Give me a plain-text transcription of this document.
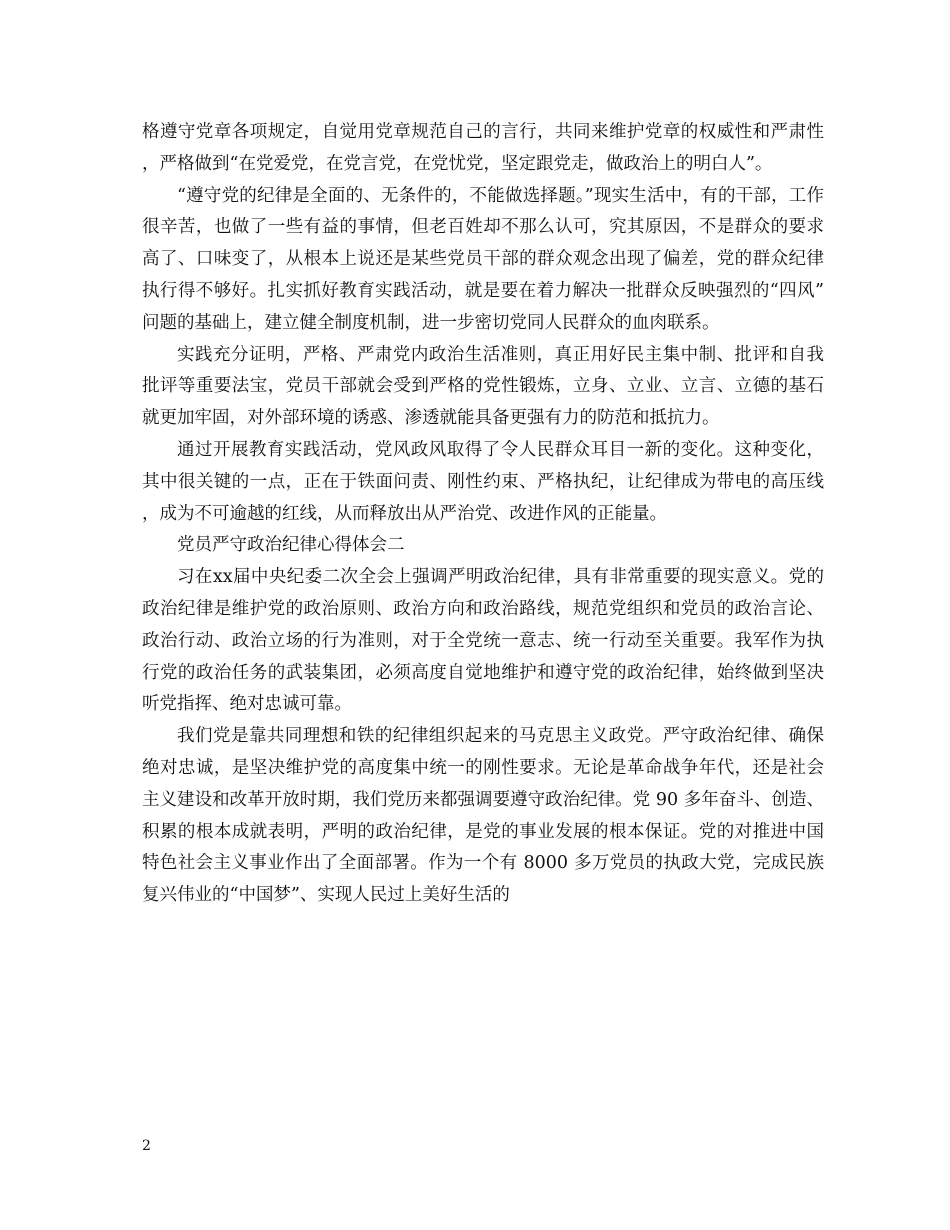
格遵守党章各项规定，自觉用党章规范自己的言行，共同来维护党章的权威性和严肃性，严格做到“在党爱党，在党言党，在党忧党，坚定跟党走，做政治上的明白人”。

“遵守党的纪律是全面的、无条件的，不能做选择题。”现实生活中，有的干部，工作很辛苦，也做了一些有益的事情，但老百姓却不那么认可，究其原因，不是群众的要求高了、口味变了，从根本上说还是某些党员干部的群众观念出现了偏差，党的群众纪律执行得不够好。扎实抓好教育实践活动，就是要在着力解决一批群众反映强烈的“四风”问题的基础上，建立健全制度机制，进一步密切党同人民群众的血肉联系。

实践充分证明，严格、严肃党内政治生活准则，真正用好民主集中制、批评和自我批评等重要法宝，党员干部就会受到严格的党性锻炼，立身、立业、立言、立德的基石就更加牢固，对外部环境的诱惑、渗透就能具备更强有力的防范和抵抗力。

通过开展教育实践活动，党风政风取得了令人民群众耳目一新的变化。这种变化，其中很关键的一点，正在于铁面问责、刚性约束、严格执纪，让纪律成为带电的高压线，成为不可逾越的红线，从而释放出从严治党、改进作风的正能量。

党员严守政治纪律心得体会二

习在xx届中央纪委二次全会上强调严明政治纪律，具有非常重要的现实意义。党的政治纪律是维护党的政治原则、政治方向和政治路线，规范党组织和党员的政治言论、政治行动、政治立场的行为准则，对于全党统一意志、统一行动至关重要。我军作为执行党的政治任务的武装集团，必须高度自觉地维护和遵守党的政治纪律，始终做到坚决听党指挥、绝对忠诚可靠。

我们党是靠共同理想和铁的纪律组织起来的马克思主义政党。严守政治纪律、确保绝对忠诚，是坚决维护党的高度集中统一的刚性要求。无论是革命战争年代，还是社会主义建设和改革开放时期，我们党历来都强调要遵守政治纪律。党 90 多年奋斗、创造、积累的根本成就表明，严明的政治纪律，是党的事业发展的根本保证。党的对推进中国特色社会主义事业作出了全面部署。作为一个有 8000 多万党员的执政大党，完成民族复兴伟业的“中国梦”、实现人民过上美好生活的

2
